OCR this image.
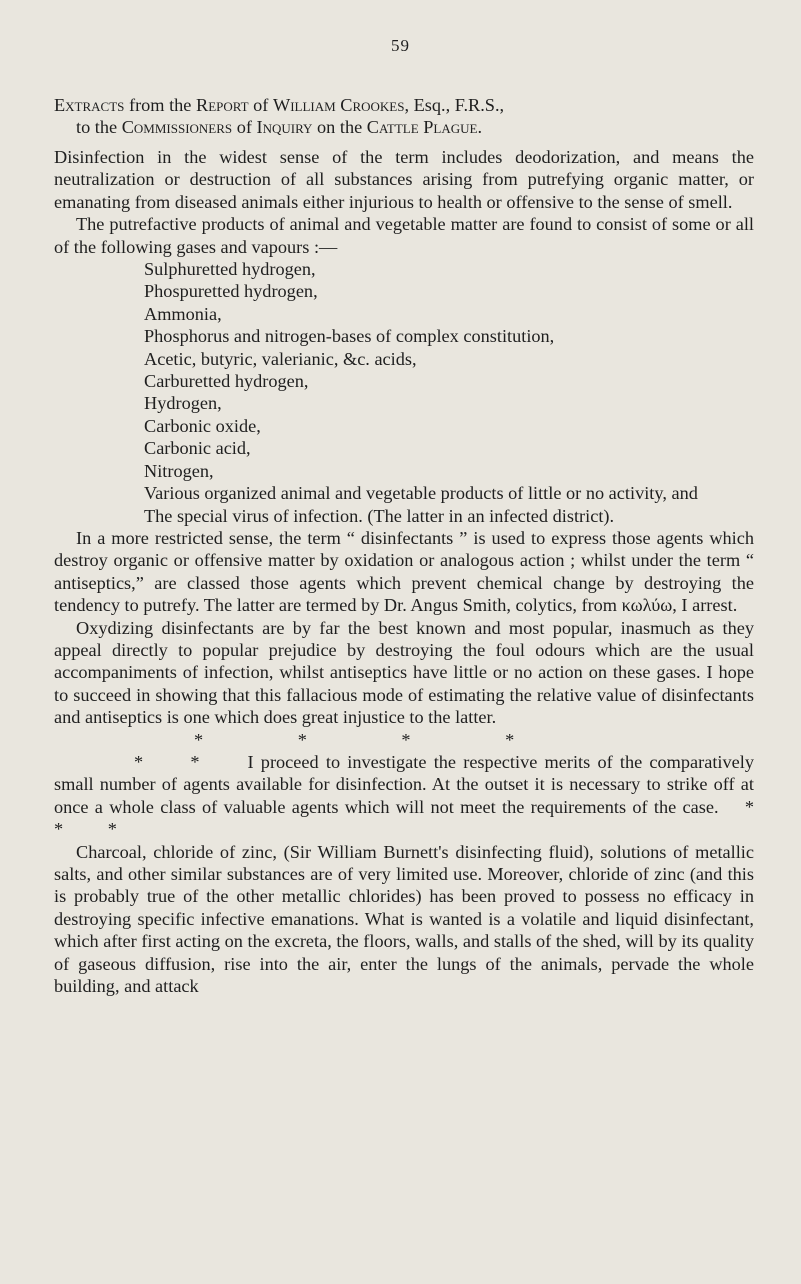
59
Extracts from the Report of William Crookes, Esq., F.R.S.,
to the Commissioners of Inquiry on the Cattle Plague.

Disinfection in the widest sense of the term includes deodorization, and means the neutralization or destruction of all substances arising from putrefying organic matter, or emanating from diseased animals either injurious to health or offensive to the sense of smell.

The putrefactive products of animal and vegetable matter are found to consist of some or all of the following gases and vapours :—

Sulphuretted hydrogen,
Phospuretted hydrogen,
Ammonia,
Phosphorus and nitrogen-bases of complex constitution,
Acetic, butyric, valerianic, &c. acids,
Carburetted hydrogen,
Hydrogen,
Carbonic oxide,
Carbonic acid,
Nitrogen,
Various organized animal and vegetable products of little or no activity, and
The special virus of infection. (The latter in an infected district).

In a more restricted sense, the term “ disinfectants ” is used to express those agents which destroy organic or offensive matter by oxidation or analogous action ; whilst under the term “ antiseptics,” are classed those agents which prevent chemical change by destroying the tendency to putrefy. The latter are termed by Dr. Angus Smith, colytics, from κωλύω, I arrest.

Oxydizing disinfectants are by far the best known and most popular, inasmuch as they appeal directly to popular prejudice by destroying the foul odours which are the usual accompaniments of infection, whilst antiseptics have little or no action on these gases. I hope to succeed in showing that this fallacious mode of estimating the relative value of disinfectants and antiseptics is one which does great injustice to the latter.

* * * *

* *	I proceed to investigate the respective merits of the comparatively small number of agents available for disinfection. At the outset it is necessary to strike off at once a whole class of valuable agents which will not meet the requirements of the case. * * *

Charcoal, chloride of zinc, (Sir William Burnett's disinfecting fluid), solutions of metallic salts, and other similar substances are of very limited use. Moreover, chloride of zinc (and this is probably true of the other metallic chlorides) has been proved to possess no efficacy in destroying specific infective emanations. What is wanted is a volatile and liquid disinfectant, which after first acting on the excreta, the floors, walls, and stalls of the shed, will by its quality of gaseous diffusion, rise into the air, enter the lungs of the animals, pervade the whole building, and attack
